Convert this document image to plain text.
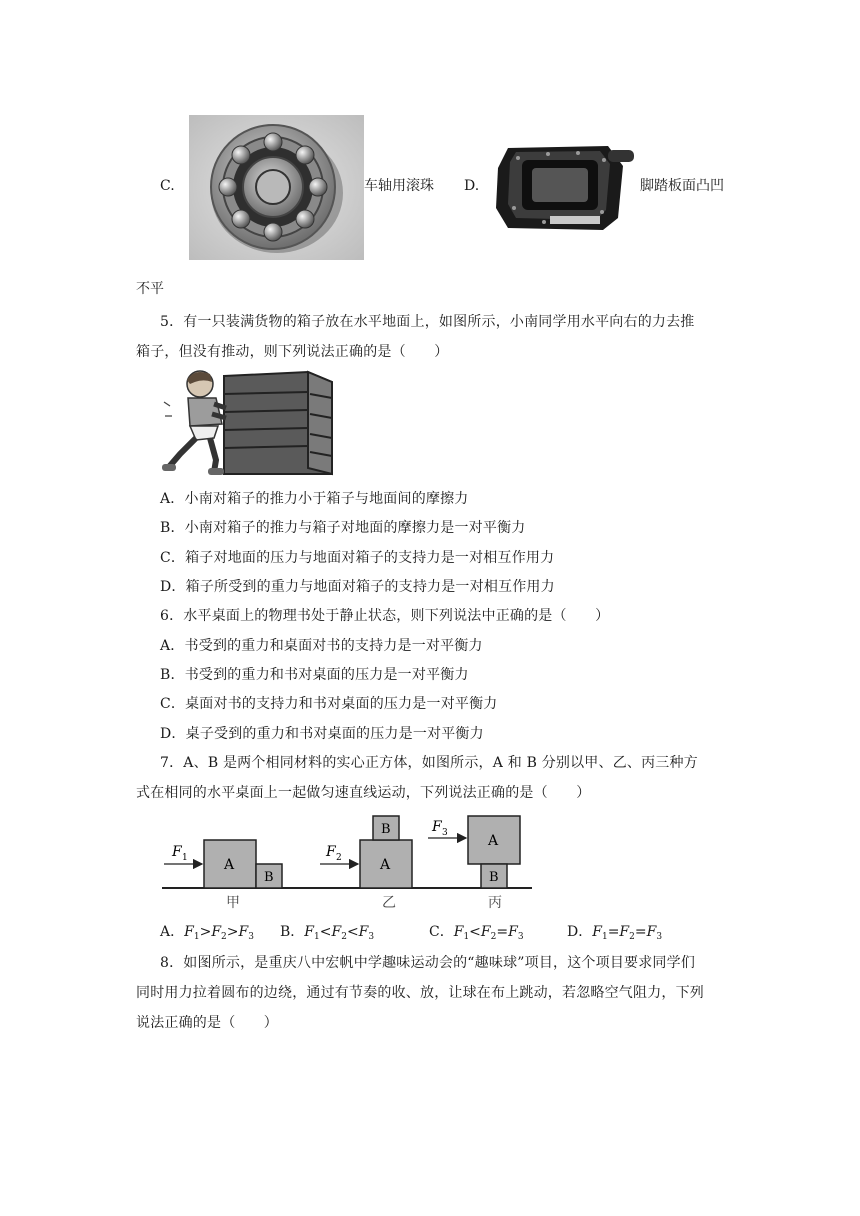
C.	车轴用滚珠 D.	脚踏板面凸凹
不平
5．有一只装满货物的箱子放在水平地面上，如图所示，小南同学用水平向右的力去推
箱子，但没有推动，则下列说法正确的是（　　）
A．小南对箱子的推力小于箱子与地面间的摩擦力
B．小南对箱子的推力与箱子对地面的摩擦力是一对平衡力
C．箱子对地面的压力与地面对箱子的支持力是一对相互作用力
D．箱子所受到的重力与地面对箱子的支持力是一对相互作用力
6．水平桌面上的物理书处于静止状态，则下列说法中正确的是（　　）
A．书受到的重力和桌面对书的支持力是一对平衡力
B．书受到的重力和书对桌面的压力是一对平衡力
C．桌面对书的支持力和书对桌面的压力是一对平衡力
D．桌子受到的重力和书对桌面的压力是一对平衡力
7．A、B 是两个相同材料的实心正方体，如图所示，A 和 B 分别以甲、乙、丙三种方
式在相同的水平桌面上一起做匀速直线运动，下列说法正确的是（　　）
F 1	A
B
甲
F 2	A
B
乙
F 3	A
B
丙
A．$F_1>F_2>F_3$ B．$F_1<F_2<F_3$	C．$F_1<F_2=F_3$	D．$F_1=F_2=F_3$
8．如图所示，是重庆八中宏帆中学趣味运动会的“趣味球”项目，这个项目要求同学们
同时用力拉着圆布的边绕，通过有节奏的收、放，让球在布上跳动，若忽略空气阻力，下列
说法正确的是（　　）
